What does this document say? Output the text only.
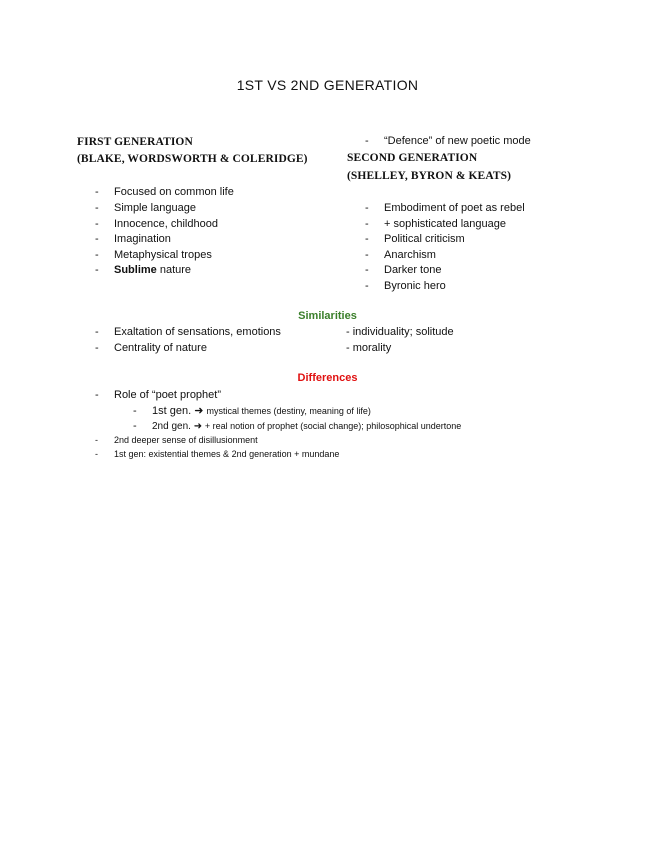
1ST VS 2ND GENERATION
FIRST GENERATION
(BLAKE, WORDSWORTH & COLERIDGE)
- Focused on common life
- Simple language
- Innocence, childhood
- Imagination
- Metaphysical tropes
- Sublime nature
- “Defence” of new poetic mode
SECOND GENERATION
(SHELLEY, BYRON & KEATS)
- Embodiment of poet as rebel
- + sophisticated language
- Political criticism
- Anarchism
- Darker tone
- Byronic hero
Similarities
- Exaltation of sensations, emotions
- Centrality of nature
- individuality; solitude
- morality
Differences
- Role of “poet prophet”
- 1st gen. ➜ mystical themes (destiny, meaning of life)
- 2nd gen. ➜ + real notion of prophet (social change); philosophical undertone
- 2nd deeper sense of disillusionment
- 1st gen: existential themes & 2nd generation + mundane
